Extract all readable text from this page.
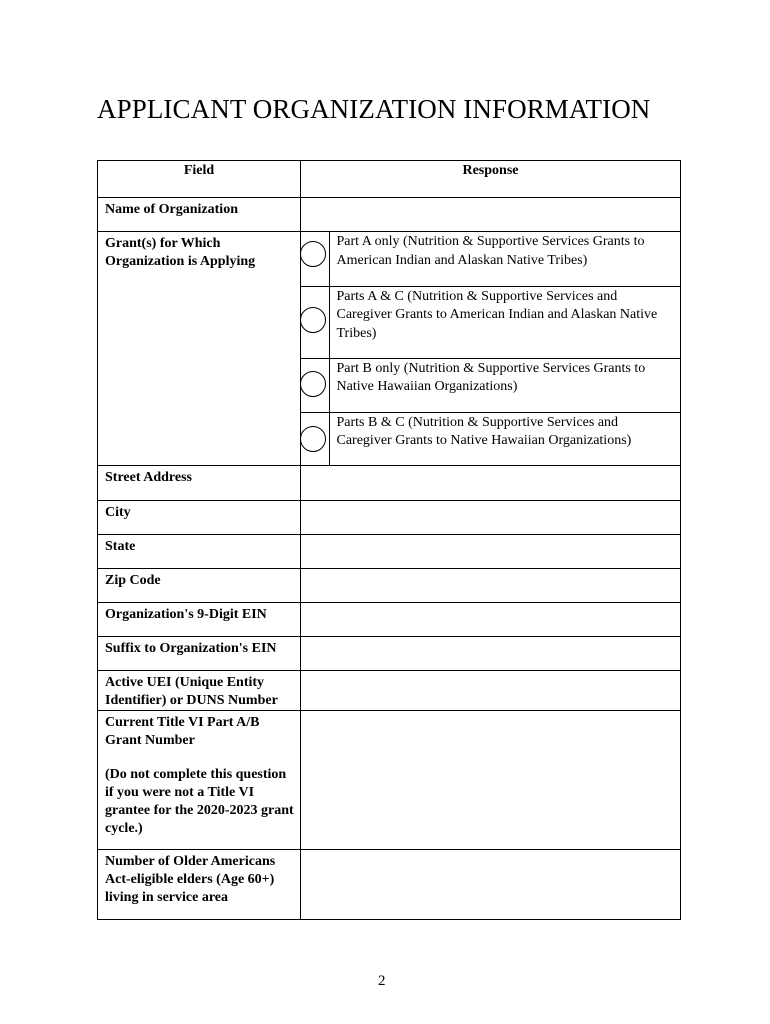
APPLICANT ORGANIZATION INFORMATION
Field	Response
Name of Organization	
Grant(s) for Which Organization is Applying	
	Part A only (Nutrition & Supportive Services Grants to American Indian and Alaskan Native Tribes)

	Parts A & C (Nutrition & Supportive Services and Caregiver Grants to American Indian and Alaskan Native Tribes)

	Part B only (Nutrition & Supportive Services Grants to Native Hawaiian Organizations)

	Parts B & C (Nutrition & Supportive Services and Caregiver Grants to Native Hawaiian Organizations)

Street Address	
City	
State	
Zip Code	
Organization's 9-Digit EIN	
Suffix to Organization's EIN	
Active UEI (Unique Entity Identifier) or DUNS Number	

Current Title VI Part A/B Grant Number
(Do not complete this question if you were not a Title VI grantee for the 2020-2023 grant cycle.)

Number of Older Americans Act-eligible elders (Age 60+) living in service area	
2
